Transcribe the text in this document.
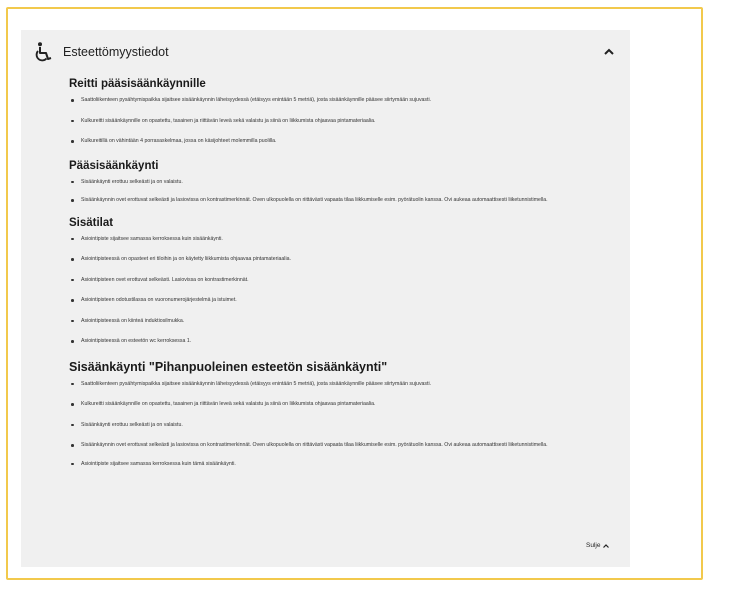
Esteettömyystiedot
Reitti pääsisäänkäynnille
Saattoliikenteen pysähtymispaikka sijaitsee sisäänkäynnin läheisyydessä (etäisyys enintään 5 metriä), josta sisäänkäynnille pääsee siirtymään sujuvasti.
Kulkureitti sisäänkäynnille on opastettu, tasainen ja riittävän leveä sekä valaistu ja siinä on liikkumista ohjaavaa pintamateriaalia.
Kulkureitillä on vähintään 4 porrasaskelmaa, jossa on käsijohteet molemmilla puolilla.
Pääsisäänkäynti
Sisäänkäynti erottuu selkeästi ja on valaistu.
Sisäänkäynnin ovet erottuvat selkeästi ja lasiovissa on kontrastimerkinnät. Oven ulkopuolella on riittävästi vapaata tilaa liikkumiselle esim. pyörätuolin kanssa. Ovi aukeaa automaattisesti liiketunnistimella.
Sisätilat
Asiointipiste sijaitsee samassa kerroksessa kuin sisäänkäynti.
Asiointipisteessä on opasteet eri tiloihin ja on käytetty liikkumista ohjaavaa pintamateriaalia.
Asiointipisteen ovet erottuvat selkeästi. Lasiovissa on kontrastimerkinnät.
Asiointipisteen odotustilassa on vuoronumerojärjestelmä ja istuimet.
Asiointipisteessä on kiinteä induktiosilmukka.
Asiointipisteessä on esteetön wc kerroksessa 1.
Sisäänkäynti "Pihanpuoleinen esteetön sisäänkäynti"
Saattoliikenteen pysähtymispaikka sijaitsee sisäänkäynnin läheisyydessä (etäisyys enintään 5 metriä), josta sisäänkäynnille pääsee siirtymään sujuvasti.
Kulkureitti sisäänkäynnille on opastettu, tasainen ja riittävän leveä sekä valaistu ja siinä on liikkumista ohjaavaa pintamateriaalia.
Sisäänkäynti erottuu selkeästi ja on valaistu.
Sisäänkäynnin ovet erottuvat selkeästi ja lasiovissa on kontrastimerkinnät. Oven ulkopuolella on riittävästi vapaata tilaa liikkumiselle esim. pyörätuolin kanssa. Ovi aukeaa automaattisesti liiketunnistimella.
Asiointipiste sijaitsee samassa kerroksessa kuin tämä sisäänkäynti.
Sulje
